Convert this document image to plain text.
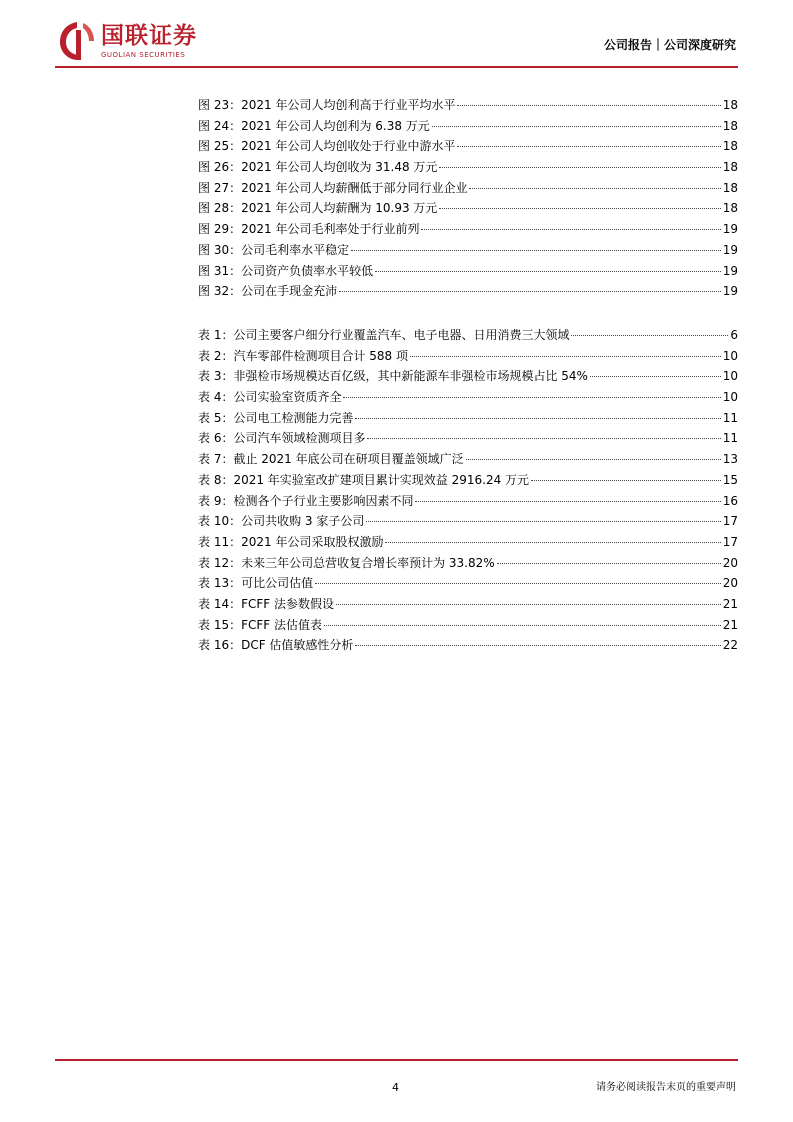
国联证券
GUOLIAN SECURITIES
公司报告｜公司深度研究
图 23：2021 年公司人均创利高于行业平均水平	18
图 24：2021 年公司人均创利为 6.38 万元	18
图 25：2021 年公司人均创收处于行业中游水平	18
图 26：2021 年公司人均创收为 31.48 万元	18
图 27：2021 年公司人均薪酬低于部分同行业企业	18
图 28：2021 年公司人均薪酬为 10.93 万元	18
图 29：2021 年公司毛利率处于行业前列	19
图 30：公司毛利率水平稳定	19
图 31：公司资产负债率水平较低	19
图 32：公司在手现金充沛	19
表 1：公司主要客户细分行业覆盖汽车、电子电器、日用消费三大领域	6
表 2：汽车零部件检测项目合计 588 项	10
表 3：非强检市场规模达百亿级，其中新能源车非强检市场规模占比 54%	10
表 4：公司实验室资质齐全	10
表 5：公司电工检测能力完善	11
表 6：公司汽车领域检测项目多	11
表 7：截止 2021 年底公司在研项目覆盖领域广泛	13
表 8：2021 年实验室改扩建项目累计实现效益 2916.24 万元	15
表 9：检测各个子行业主要影响因素不同	16
表 10：公司共收购 3 家子公司	17
表 11：2021 年公司采取股权激励	17
表 12：未来三年公司总营收复合增长率预计为 33.82%	20
表 13：可比公司估值	20
表 14：FCFF 法参数假设	21
表 15：FCFF 法估值表	21
表 16：DCF 估值敏感性分析	22
4	请务必阅读报告末页的重要声明
